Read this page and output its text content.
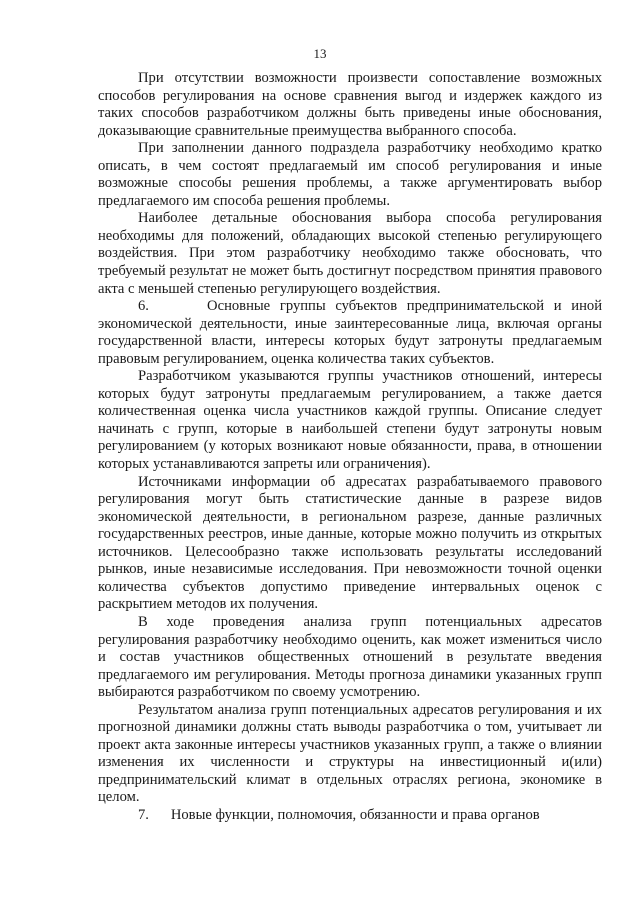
13

При отсутствии возможности произвести сопоставление возможных способов регулирования на основе сравнения выгод и издержек каждого из таких способов разработчиком должны быть приведены иные обоснования, доказывающие сравнительные преимущества выбранного способа.

При заполнении данного подраздела разработчику необходимо кратко описать, в чем состоят предлагаемый им способ регулирования и иные возможные способы решения проблемы, а также аргументировать выбор предлагаемого им способа решения проблемы.

Наиболее детальные обоснования выбора способа регулирования необходимы для положений, обладающих высокой степенью регулирующего воздействия. При этом разработчику необходимо также обосновать, что требуемый результат не может быть достигнут посредством принятия правового акта с меньшей степенью регулирующего воздействия.

6.      Основные группы субъектов предпринимательской и иной экономической деятельности, иные заинтересованные лица, включая органы государственной власти, интересы которых будут затронуты предлагаемым правовым регулированием, оценка количества таких субъектов.

Разработчиком указываются группы участников отношений, интересы которых будут затронуты предлагаемым регулированием, а также дается количественная оценка числа участников каждой группы. Описание следует начинать с групп, которые в наибольшей степени будут затронуты новым регулированием (у которых возникают новые обязанности, права, в отношении которых устанавливаются запреты или ограничения).

Источниками информации об адресатах разрабатываемого правового регулирования могут быть статистические данные в разрезе видов экономической деятельности, в региональном разрезе, данные различных государственных реестров, иные данные, которые можно получить из открытых источников. Целесообразно также использовать результаты исследований рынков, иные независимые исследования. При невозможности точной оценки количества субъектов допустимо приведение интервальных оценок с раскрытием методов их получения.

В ходе проведения анализа групп потенциальных адресатов регулирования разработчику необходимо оценить, как может измениться число и состав участников общественных отношений в результате введения предлагаемого им регулирования. Методы прогноза динамики указанных групп выбираются разработчиком по своему усмотрению.

Результатом анализа групп потенциальных адресатов регулирования и их прогнозной динамики должны стать выводы разработчика о том, учитывает ли проект акта законные интересы участников указанных групп, а также о влиянии изменения их численности и структуры на инвестиционный и(или) предпринимательский климат в отдельных отраслях региона, экономике в целом.

7.      Новые функции, полномочия, обязанности и права органов
